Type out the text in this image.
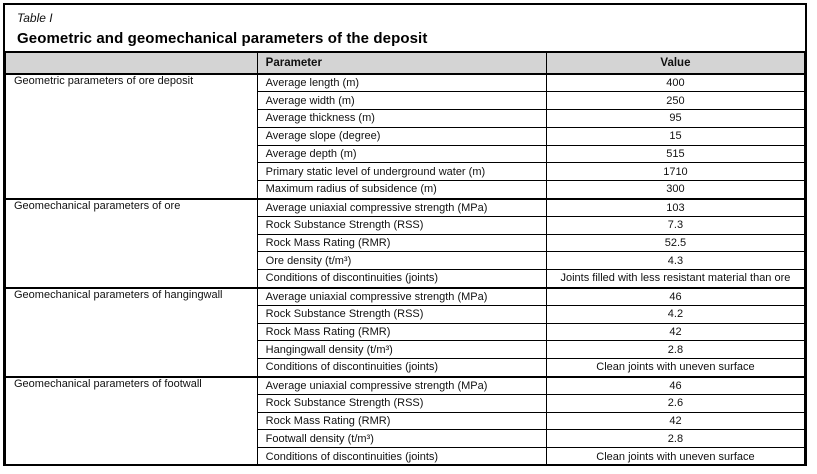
Table I
Geometric and geomechanical parameters of the deposit
	Parameter	Value
Geometric parameters of ore deposit	Average length (m)	400
	Average width (m)	250
	Average thickness (m)	95
	Average slope (degree)	15
	Average depth (m)	515
	Primary static level of underground water (m)	1710
	Maximum radius of subsidence (m)	300
Geomechanical parameters of ore	Average uniaxial compressive strength (MPa)	103
	Rock Substance Strength (RSS)	7.3
	Rock Mass Rating (RMR)	52.5
	Ore density (t/m³)	4.3
	Conditions of discontinuities (joints)	Joints filled with less resistant material than ore
Geomechanical parameters of hangingwall	Average uniaxial compressive strength (MPa)	46
	Rock Substance Strength (RSS)	4.2
	Rock Mass Rating (RMR)	42
	Hangingwall density (t/m³)	2.8
	Conditions of discontinuities (joints)	Clean joints with uneven surface
Geomechanical parameters of footwall	Average uniaxial compressive strength (MPa)	46
	Rock Substance Strength (RSS)	2.6
	Rock Mass Rating (RMR)	42
	Footwall density (t/m³)	2.8
	Conditions of discontinuities (joints)	Clean joints with uneven surface
